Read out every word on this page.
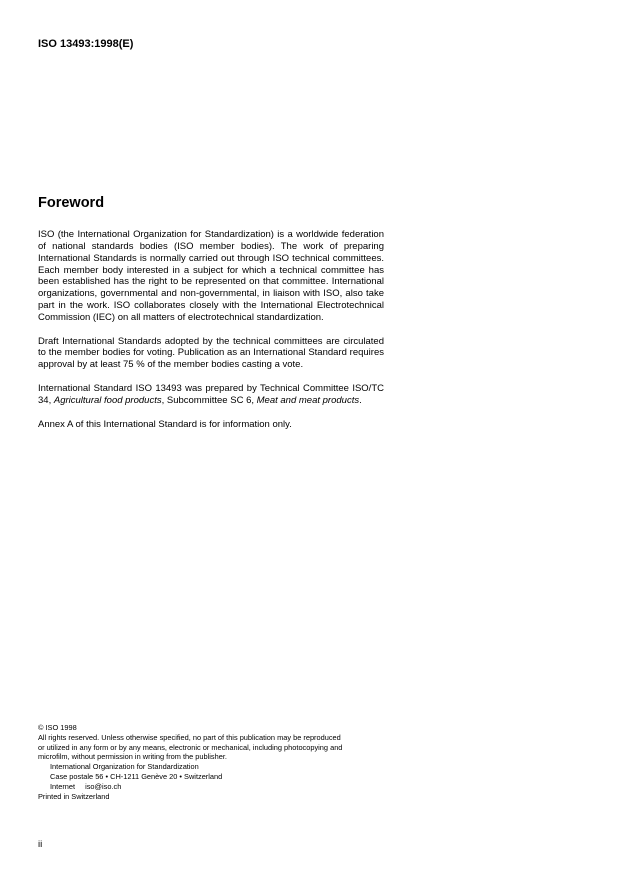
ISO 13493:1998(E)
Foreword

ISO (the International Organization for Standardization) is a worldwide federation of national standards bodies (ISO member bodies). The work of preparing International Standards is normally carried out through ISO technical committees. Each member body interested in a subject for which a technical committee has been established has the right to be represented on that committee. International organizations, governmental and non-governmental, in liaison with ISO, also take part in the work. ISO collaborates closely with the International Electrotechnical Commission (IEC) on all matters of electrotechnical standardization.

Draft International Standards adopted by the technical committees are circulated to the member bodies for voting. Publication as an International Standard requires approval by at least 75 % of the member bodies casting a vote.

International Standard ISO 13493 was prepared by Technical Committee ISO/TC 34, Agricultural food products, Subcommittee SC 6, Meat and meat products.

Annex A of this International Standard is for information only.

© ISO 1998
All rights reserved. Unless otherwise specified, no part of this publication may be reproduced
or utilized in any form or by any means, electronic or mechanical, including photocopying and
microfilm, without permission in writing from the publisher.
International Organization for Standardization
Case postale 56 • CH-1211 Genève 20 • Switzerland
Internet iso@iso.ch
Printed in Switzerland
ii
